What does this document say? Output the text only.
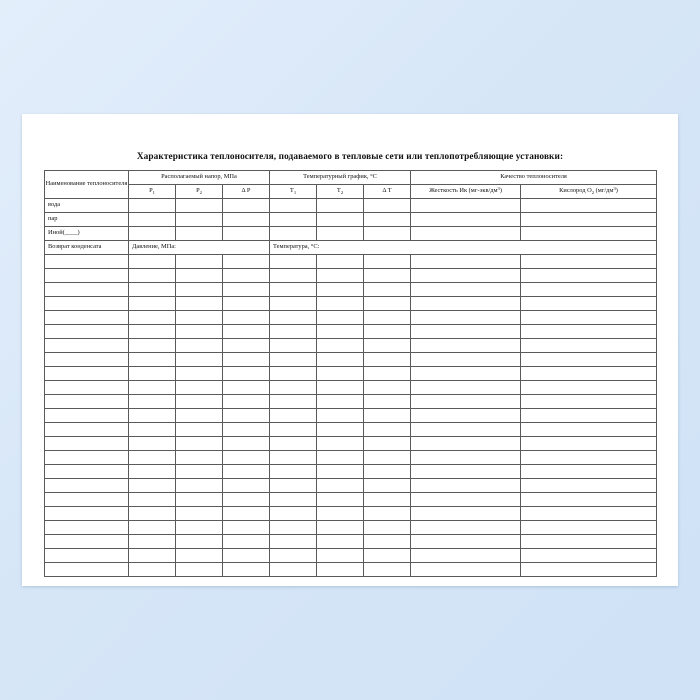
Характеристика теплоносителя, подаваемого в тепловые сети или теплопотребляющие установки:
Наименование теплоносителя	Располагаемый напор, МПа			Температурный график, °С			Качество теплоносителя	
	$Р_1$	$Р_2$	Δ Р	$Т_1$	$Т_2$	Δ Т	Жесткость Ик $(мг-экв/дм^3)$	Кислород $О_2$ $(мг/дм^3)$
вода								
пар								
Иной(____)								
Возврат конденсата	Давление, МПа:			Температура, °С:				
